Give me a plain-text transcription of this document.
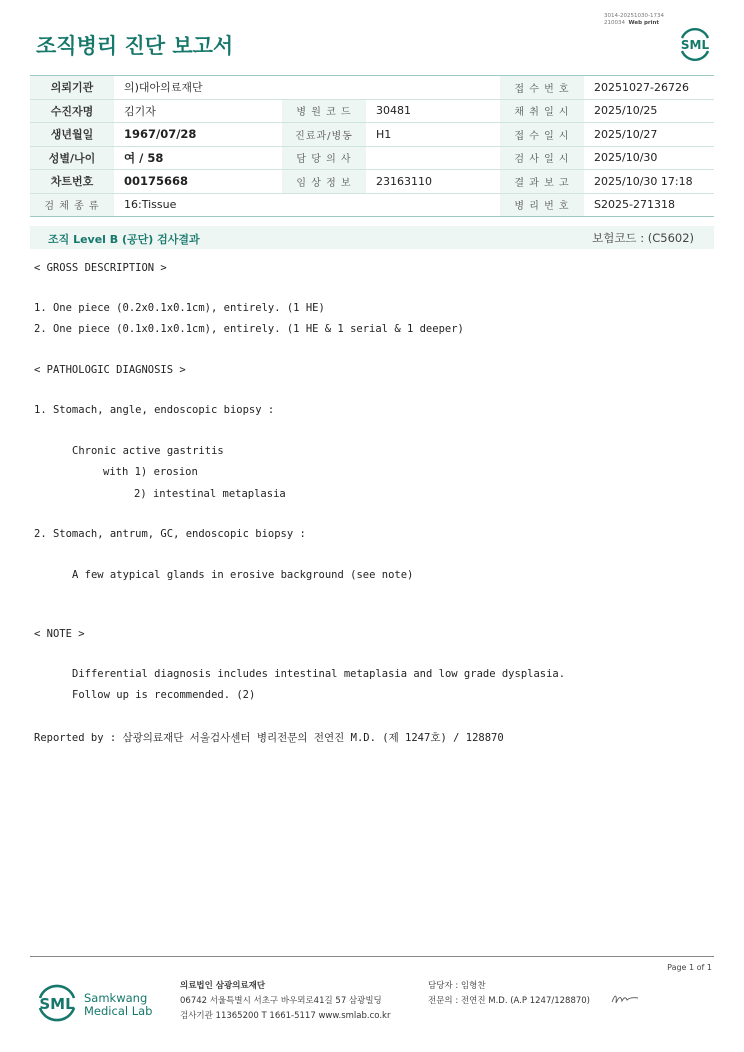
3014-20251030-1734
210034 Web print
조직병리 진단 보고서	SML
의뢰기관	의)대아의료재단			접 수 번 호	20251027-26726
수진자명	김기자	병 원 코 드	30481	채 취 일 시	2025/10/25
생년월일	1967/07/28	진료과/병동	H1	접 수 일 시	2025/10/27
성별/나이	여 / 58	담 당 의 사		검 사 일 시	2025/10/30
차트번호	00175668	임 상 정 보	23163110	결 과 보 고	2025/10/30 17:18
검 체 종 류	16:Tissue			병 리 번 호	S2025-271318
조직 Level B (공단) 검사결과	보험코드 : (C5602)
< GROSS DESCRIPTION >
1. One piece (0.2x0.1x0.1cm), entirely. (1 HE)
2. One piece (0.1x0.1x0.1cm), entirely. (1 HE & 1 serial & 1 deeper)
< PATHOLOGIC DIAGNOSIS >
1. Stomach, angle, endoscopic biopsy :
Chronic active gastritis
with 1) erosion
2) intestinal metaplasia
2. Stomach, antrum, GC, endoscopic biopsy :
A few atypical glands in erosive background (see note)
< NOTE >
Differential diagnosis includes intestinal metaplasia and low grade dysplasia.
Follow up is recommended. (2)
Reported by : 삼광의료재단 서울검사센터 병리전문의 전연진 M.D. (제 1247호) / 128870
Page 1 of 1
SML Samkwang
Medical Lab
의료법인 삼광의료재단
06742 서울특별시 서초구 바우뫼로41길 57 삼광빌딩
검사기관 11365200 T 1661-5117 www.smlab.co.kr
담당자 : 임형찬
전문의 : 전연진 M.D. (A.P 1247/128870)
